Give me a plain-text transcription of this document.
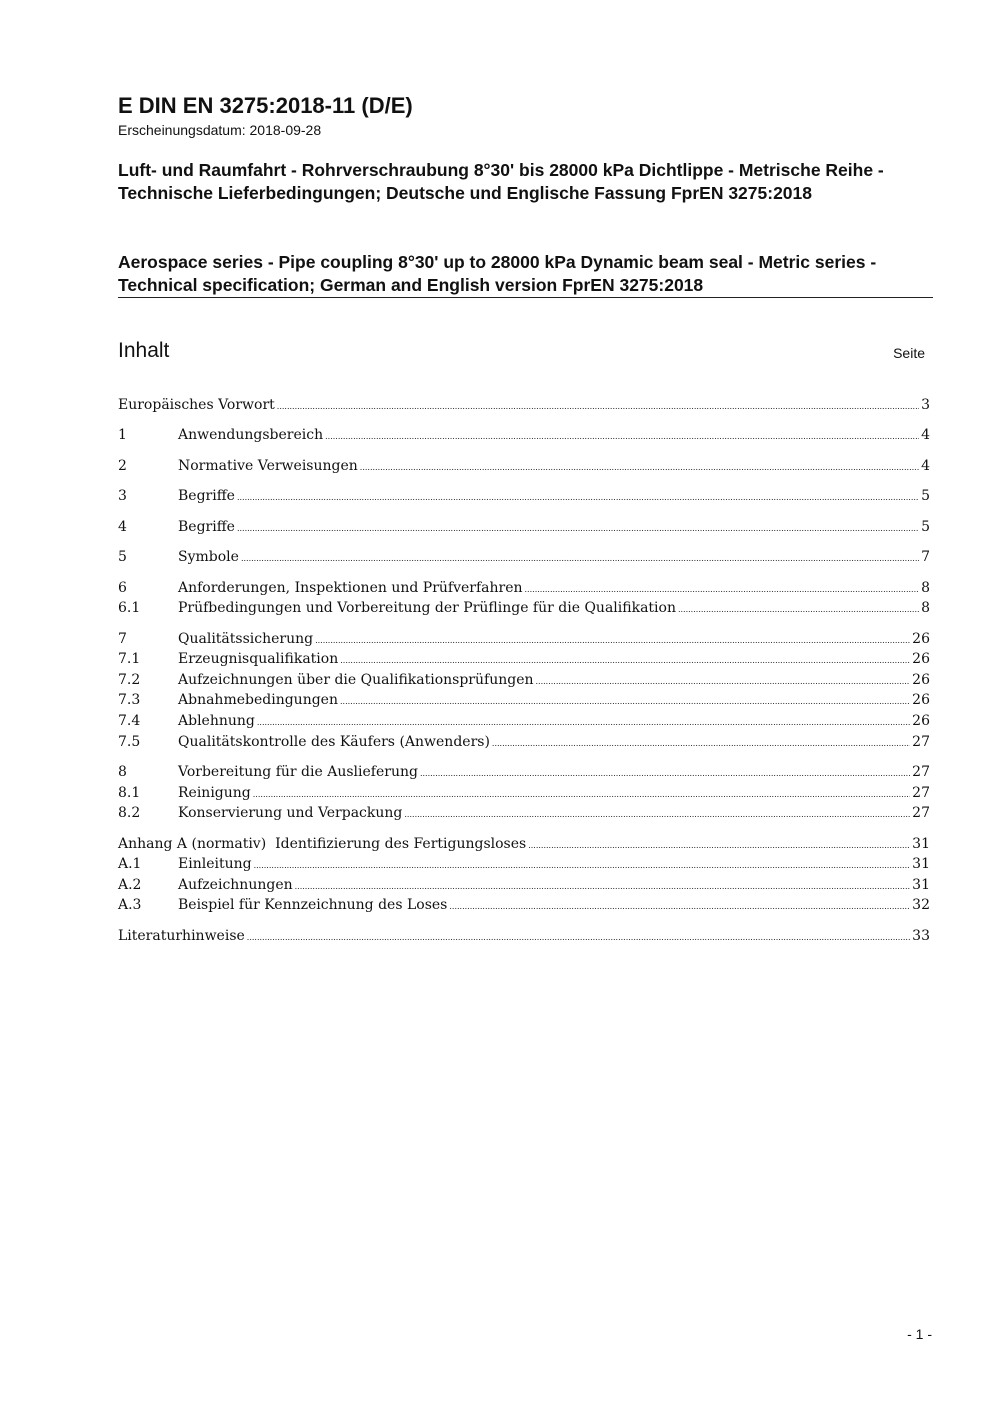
E DIN EN 3275:2018-11 (D/E)
Erscheinungsdatum: 2018-09-28
Luft- und Raumfahrt - Rohrverschraubung 8°30' bis 28000 kPa Dichtlippe - Metrische Reihe - Technische Lieferbedingungen; Deutsche und Englische Fassung FprEN 3275:2018
Aerospace series - Pipe coupling 8°30' up to 28000 kPa Dynamic beam seal - Metric series - Technical specification; German and English version FprEN 3275:2018
Inhalt	Seite
Europäisches Vorwort .....	3
1	Anwendungsbereich .....	4
2	Normative Verweisungen .....	4
3	Begriffe .....	5
4	Begriffe .....	5
5	Symbole .....	7
6	Anforderungen, Inspektionen und Prüfverfahren .....	8
6.1	Prüfbedingungen und Vorbereitung der Prüflinge für die Qualifikation .....	8
7	Qualitätssicherung .....	26
7.1	Erzeugnisqualifikation .....	26
7.2	Aufzeichnungen über die Qualifikationsprüfungen .....	26
7.3	Abnahmebedingungen .....	26
7.4	Ablehnung .....	26
7.5	Qualitätskontrolle des Käufers (Anwenders) .....	27
8	Vorbereitung für die Auslieferung .....	27
8.1	Reinigung .....	27
8.2	Konservierung und Verpackung .....	27
Anhang A (normativ)  Identifizierung des Fertigungsloses .....	31
A.1	Einleitung .....	31
A.2	Aufzeichnungen .....	31
A.3	Beispiel für Kennzeichnung des Loses .....	32
Literaturhinweise .....	33
- 1 -
